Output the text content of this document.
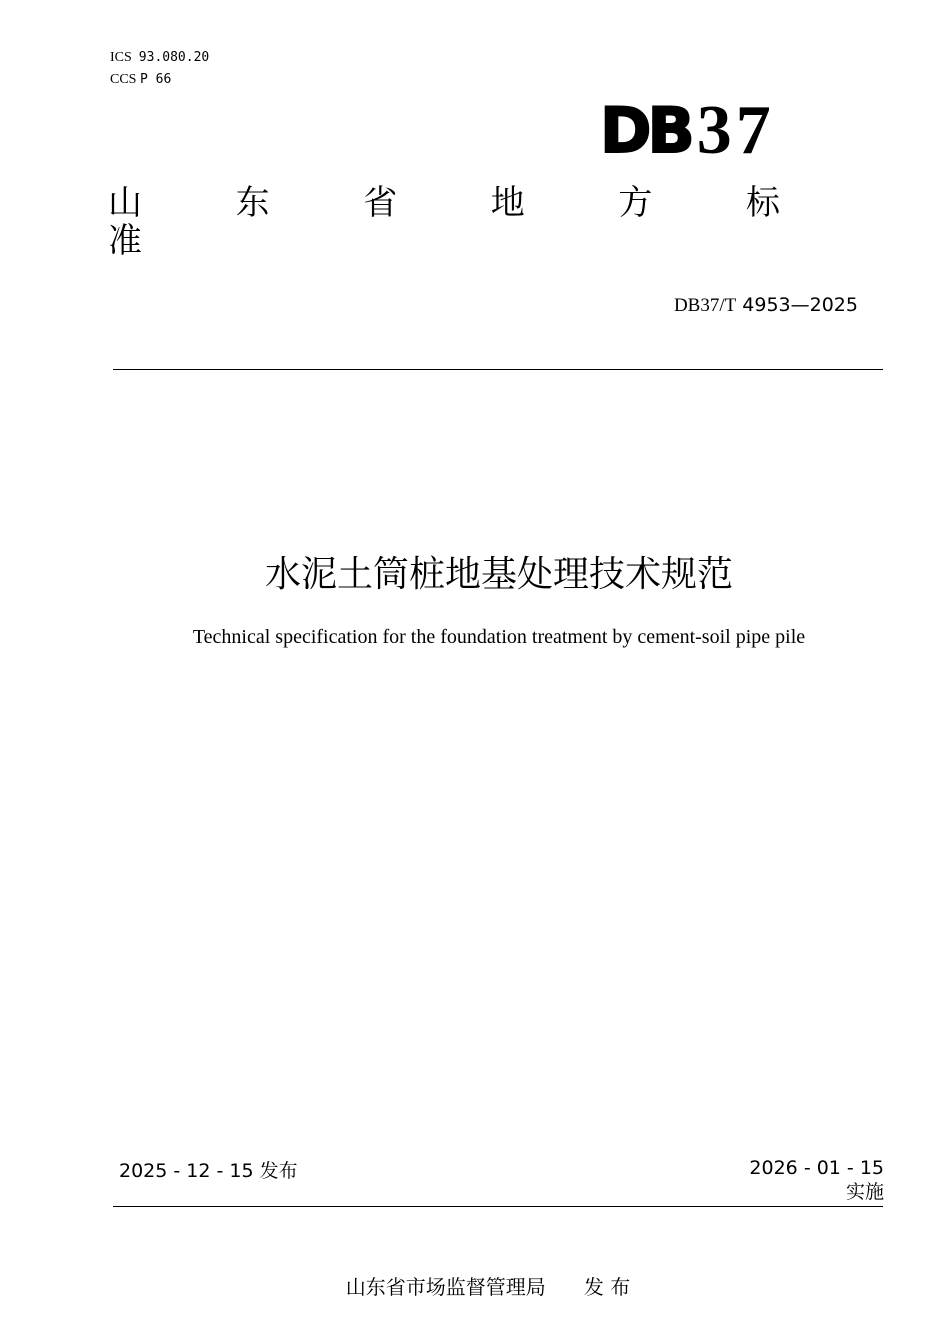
ICS 93.080.20
CCS P 66
DB 37
山	东	省	地	方	标
准
DB37/T 4953—2025
水泥土筒桩地基处理技术规范
Technical specification for the foundation treatment by cement-soil pipe pile
2025 - 12 - 15 发布	2026 - 01 - 15
实施
山东省市场监督管理局 发 布
